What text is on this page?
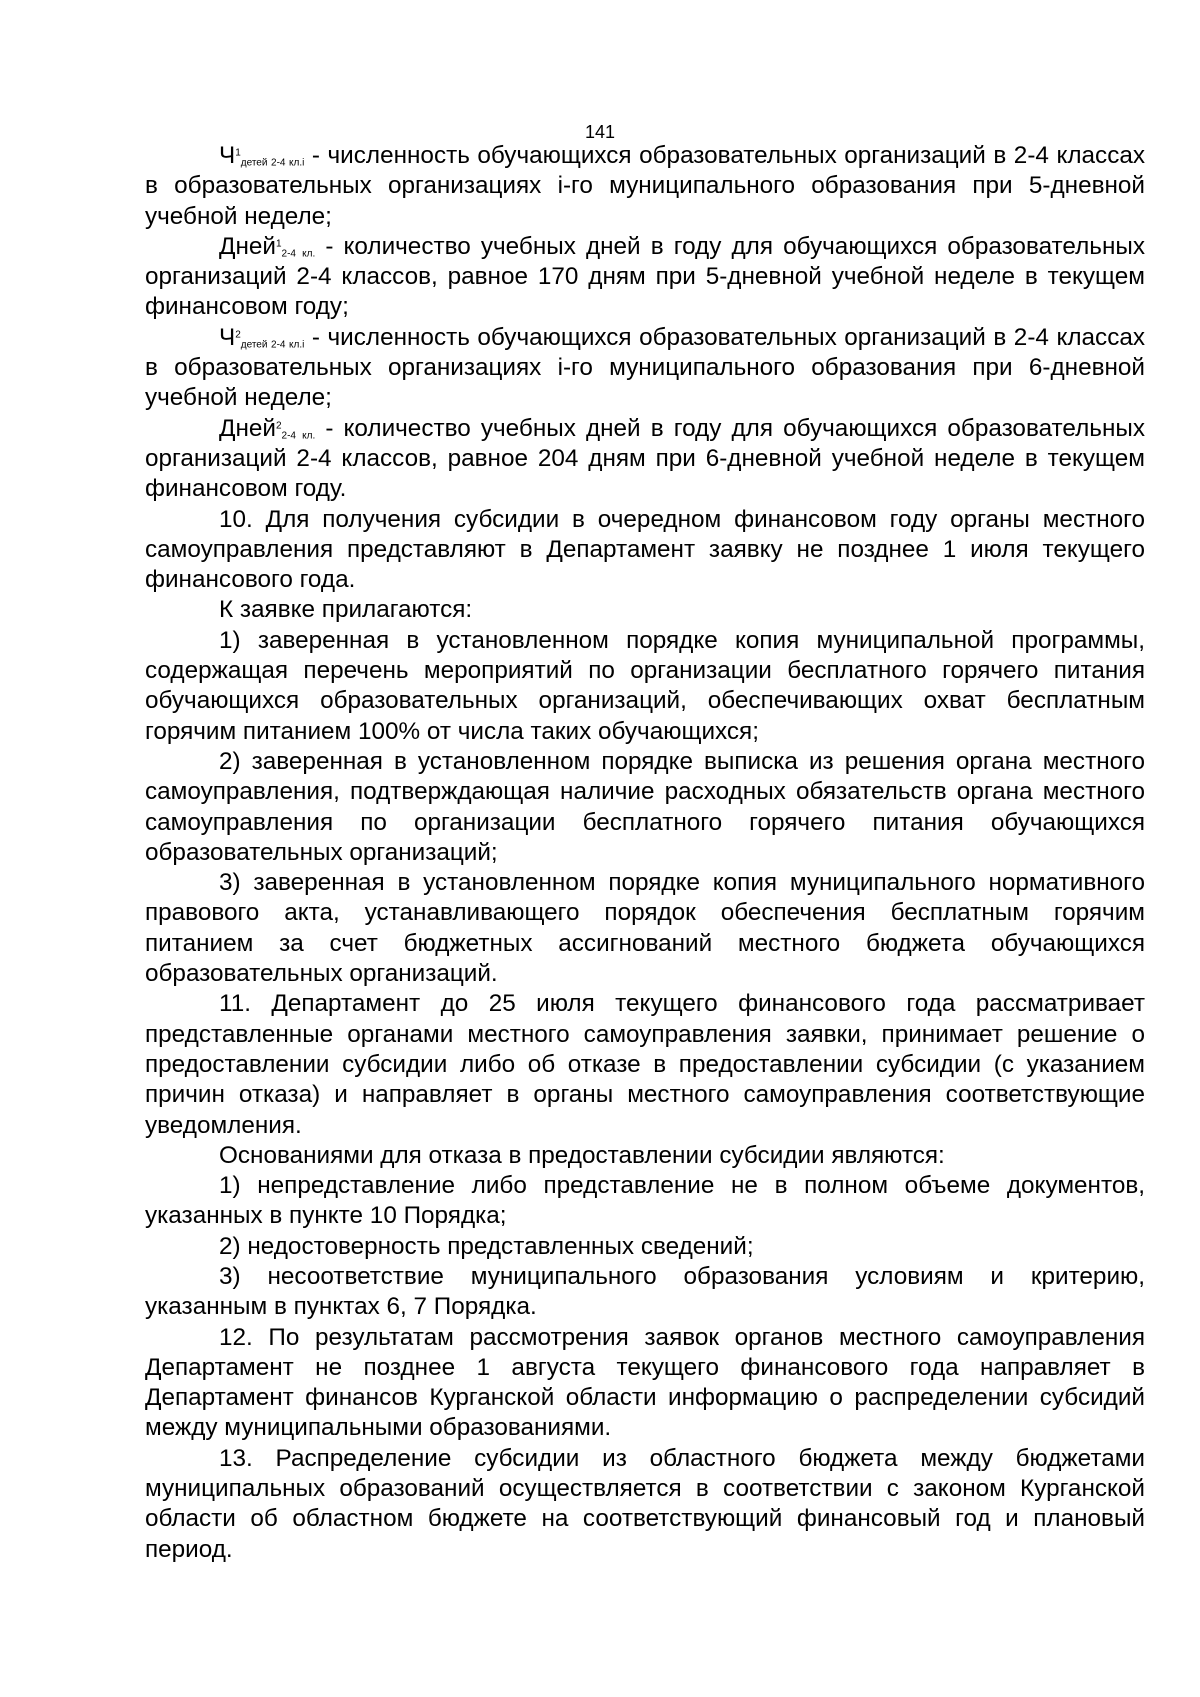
141

$Ч^1_{детей 2-4 кл.i}$ - численность обучающихся образовательных организаций в 2-4 классах в образовательных организациях i-го муниципального образования при 5-дневной учебной неделе;

Дней$^1_{2-4 кл.}$ - количество учебных дней в году для обучающихся образовательных организаций 2-4 классов, равное 170 дням при 5-дневной учебной неделе в текущем финансовом году;

$Ч^2_{детей 2-4 кл.i}$ - численность обучающихся образовательных организаций в 2-4 классах в образовательных организациях i-го муниципального образования при 6-дневной учебной неделе;

Дней$^2_{2-4 кл.}$ - количество учебных дней в году для обучающихся образовательных организаций 2-4 классов, равное 204 дням при 6-дневной учебной неделе в текущем финансовом году.

10. Для получения субсидии в очередном финансовом году органы местного самоуправления представляют в Департамент заявку не позднее 1 июля текущего финансового года.

К заявке прилагаются:

1) заверенная в установленном порядке копия муниципальной программы, содержащая перечень мероприятий по организации бесплатного горячего питания обучающихся образовательных организаций, обеспечивающих охват бесплатным горячим питанием 100% от числа таких обучающихся;

2) заверенная в установленном порядке выписка из решения органа местного самоуправления, подтверждающая наличие расходных обязательств органа местного самоуправления по организации бесплатного горячего питания обучающихся образовательных организаций;

3) заверенная в установленном порядке копия муниципального нормативного правового акта, устанавливающего порядок обеспечения бесплатным горячим питанием за счет бюджетных ассигнований местного бюджета обучающихся образовательных организаций.

11. Департамент до 25 июля текущего финансового года рассматривает представленные органами местного самоуправления заявки, принимает решение о предоставлении субсидии либо об отказе в предоставлении субсидии (с указанием причин отказа) и направляет в органы местного самоуправления соответствующие уведомления.

Основаниями для отказа в предоставлении субсидии являются:

1) непредставление либо представление не в полном объеме документов, указанных в пункте 10 Порядка;

2) недостоверность представленных сведений;

3) несоответствие муниципального образования условиям и критерию, указанным в пунктах 6, 7 Порядка.

12. По результатам рассмотрения заявок органов местного самоуправления Департамент не позднее 1 августа текущего финансового года направляет в Департамент финансов Курганской области информацию о распределении субсидий между муниципальными образованиями.

13. Распределение субсидии из областного бюджета между бюджетами муниципальных образований осуществляется в соответствии с законом Курганской области об областном бюджете на соответствующий финансовый год и плановый период.
